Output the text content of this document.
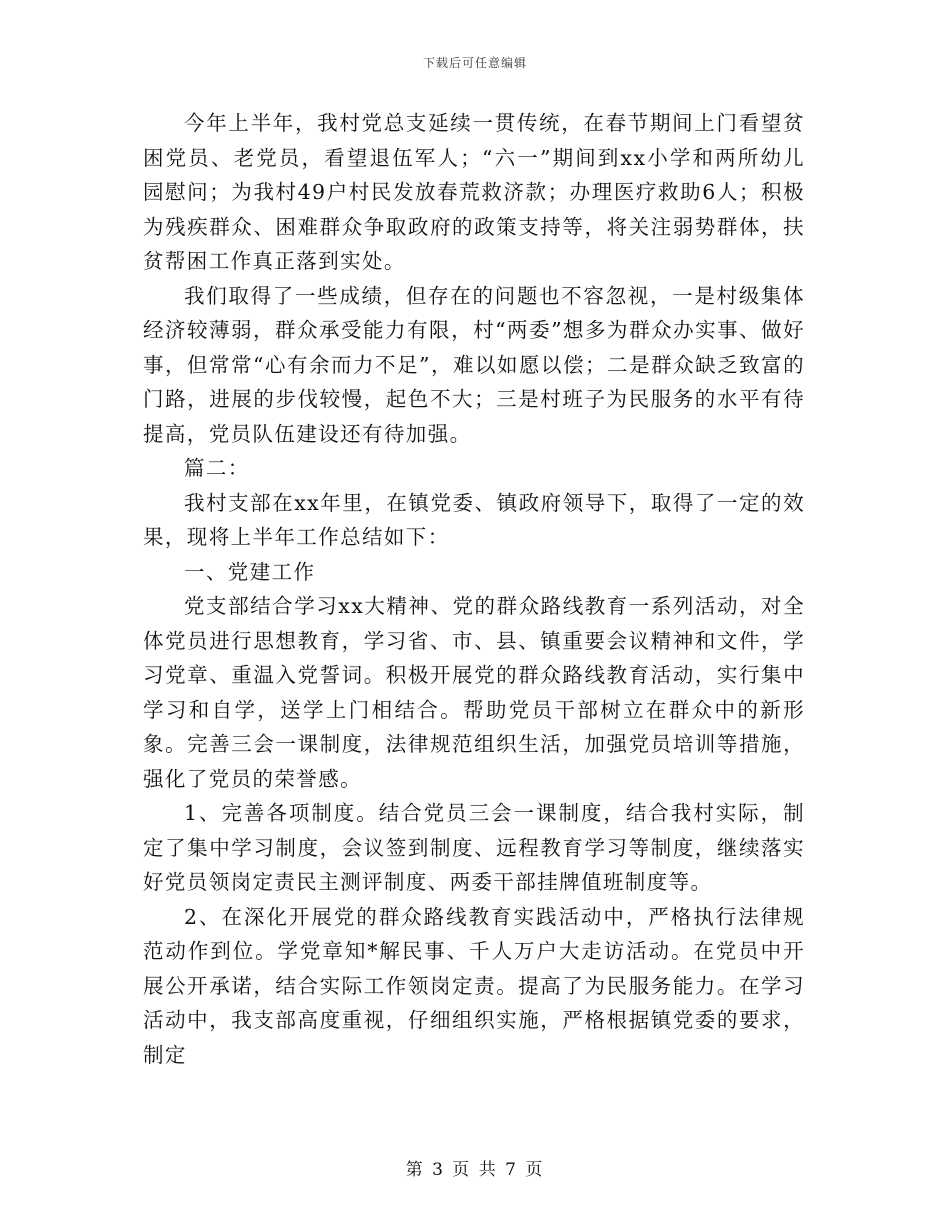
下载后可任意编辑

今年上半年，我村党总支延续一贯传统，在春节期间上门看望贫困党员、老党员，看望退伍军人；“六一”期间到xx小学和两所幼儿园慰问；为我村49户村民发放春荒救济款；办理医疗救助6人；积极为残疾群众、困难群众争取政府的政策支持等，将关注弱势群体，扶贫帮困工作真正落到实处。

我们取得了一些成绩，但存在的问题也不容忽视，一是村级集体经济较薄弱，群众承受能力有限，村“两委”想多为群众办实事、做好事，但常常“心有余而力不足”，难以如愿以偿；二是群众缺乏致富的门路，进展的步伐较慢，起色不大；三是村班子为民服务的水平有待提高，党员队伍建设还有待加强。

篇二：

我村支部在xx年里，在镇党委、镇政府领导下，取得了一定的效果，现将上半年工作总结如下：

一、党建工作

党支部结合学习xx大精神、党的群众路线教育一系列活动，对全体党员进行思想教育，学习省、市、县、镇重要会议精神和文件，学习党章、重温入党誓词。积极开展党的群众路线教育活动，实行集中学习和自学，送学上门相结合。帮助党员干部树立在群众中的新形象。完善三会一课制度，法律规范组织生活，加强党员培训等措施，强化了党员的荣誉感。

1、完善各项制度。结合党员三会一课制度，结合我村实际，制定了集中学习制度，会议签到制度、远程教育学习等制度，继续落实好党员领岗定责民主测评制度、两委干部挂牌值班制度等。

2、在深化开展党的群众路线教育实践活动中，严格执行法律规范动作到位。学党章知*解民事、千人万户大走访活动。在党员中开展公开承诺，结合实际工作领岗定责。提高了为民服务能力。在学习活动中，我支部高度重视，仔细组织实施，严格根据镇党委的要求，制定

第 3 页 共 7 页
